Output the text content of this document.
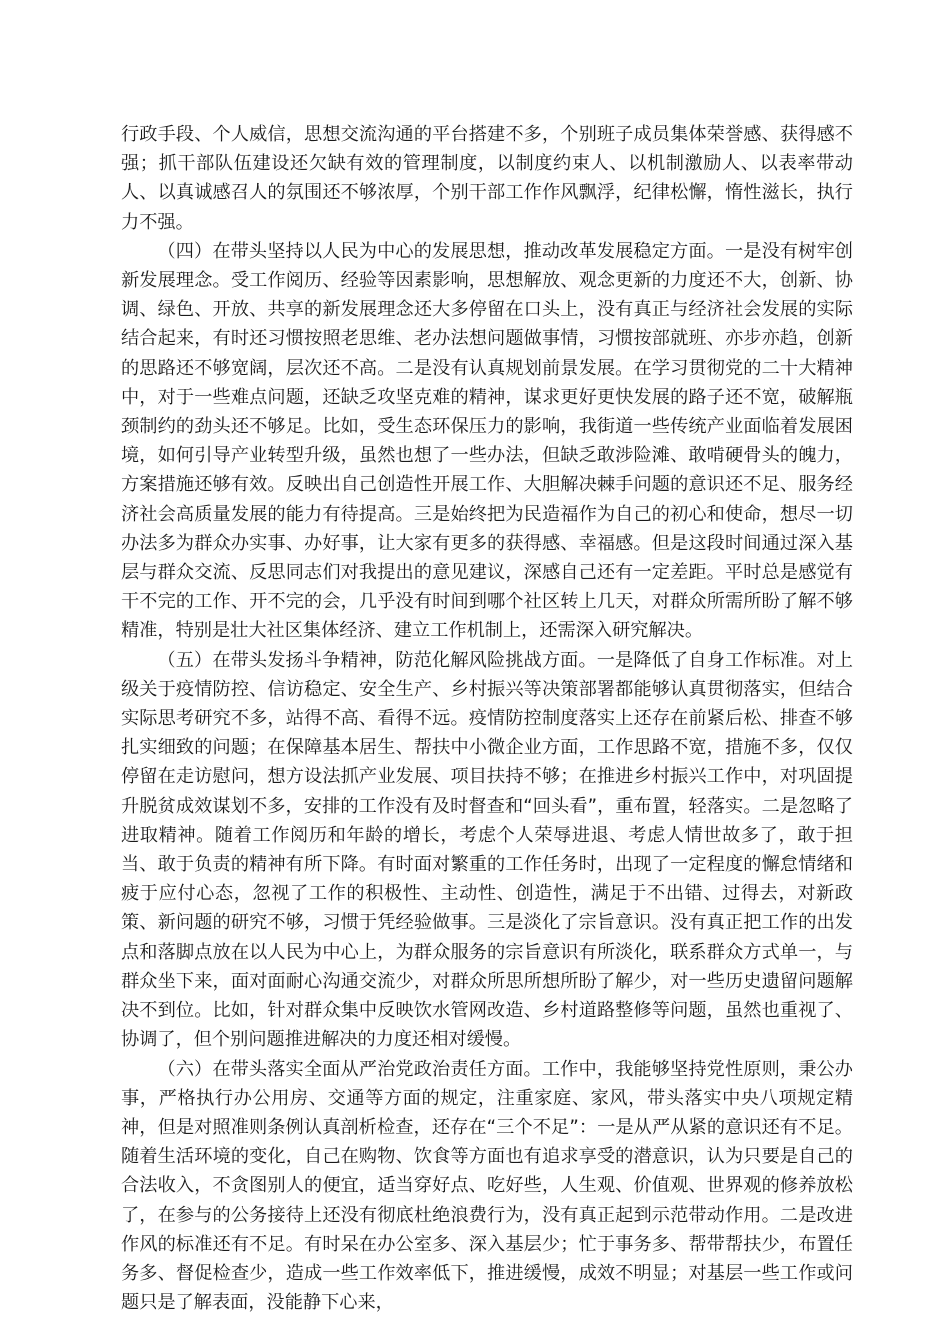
行政手段、个人威信，思想交流沟通的平台搭建不多，个别班子成员集体荣誉感、获得感不强；抓干部队伍建设还欠缺有效的管理制度，以制度约束人、以机制激励人、以表率带动人、以真诚感召人的氛围还不够浓厚，个别干部工作作风飘浮，纪律松懈，惰性滋长，执行力不强。

（四）在带头坚持以人民为中心的发展思想，推动改革发展稳定方面。一是没有树牢创新发展理念。受工作阅历、经验等因素影响，思想解放、观念更新的力度还不大，创新、协调、绿色、开放、共享的新发展理念还大多停留在口头上，没有真正与经济社会发展的实际结合起来，有时还习惯按照老思维、老办法想问题做事情，习惯按部就班、亦步亦趋，创新的思路还不够宽阔，层次还不高。二是没有认真规划前景发展。在学习贯彻党的二十大精神中，对于一些难点问题，还缺乏攻坚克难的精神，谋求更好更快发展的路子还不宽，破解瓶颈制约的劲头还不够足。比如，受生态环保压力的影响，我街道一些传统产业面临着发展困境，如何引导产业转型升级，虽然也想了一些办法，但缺乏敢涉险滩、敢啃硬骨头的魄力，方案措施还够有效。反映出自己创造性开展工作、大胆解决棘手问题的意识还不足、服务经济社会高质量发展的能力有待提高。三是始终把为民造福作为自己的初心和使命，想尽一切办法多为群众办实事、办好事，让大家有更多的获得感、幸福感。但是这段时间通过深入基层与群众交流、反思同志们对我提出的意见建议，深感自己还有一定差距。平时总是感觉有干不完的工作、开不完的会，几乎没有时间到哪个社区转上几天，对群众所需所盼了解不够精准，特别是壮大社区集体经济、建立工作机制上，还需深入研究解决。

（五）在带头发扬斗争精神，防范化解风险挑战方面。一是降低了自身工作标准。对上级关于疫情防控、信访稳定、安全生产、乡村振兴等决策部署都能够认真贯彻落实，但结合实际思考研究不多，站得不高、看得不远。疫情防控制度落实上还存在前紧后松、排查不够扎实细致的问题；在保障基本居生、帮扶中小微企业方面，工作思路不宽，措施不多，仅仅停留在走访慰问，想方设法抓产业发展、项目扶持不够；在推进乡村振兴工作中，对巩固提升脱贫成效谋划不多，安排的工作没有及时督查和“回头看”，重布置，轻落实。二是忽略了进取精神。随着工作阅历和年龄的增长，考虑个人荣辱进退、考虑人情世故多了，敢于担当、敢于负责的精神有所下降。有时面对繁重的工作任务时，出现了一定程度的懈怠情绪和疲于应付心态，忽视了工作的积极性、主动性、创造性，满足于不出错、过得去，对新政策、新问题的研究不够，习惯于凭经验做事。三是淡化了宗旨意识。没有真正把工作的出发点和落脚点放在以人民为中心上，为群众服务的宗旨意识有所淡化，联系群众方式单一，与群众坐下来，面对面耐心沟通交流少，对群众所思所想所盼了解少，对一些历史遗留问题解决不到位。比如，针对群众集中反映饮水管网改造、乡村道路整修等问题，虽然也重视了、协调了，但个别问题推进解决的力度还相对缓慢。

（六）在带头落实全面从严治党政治责任方面。工作中，我能够坚持党性原则，秉公办事，严格执行办公用房、交通等方面的规定，注重家庭、家风，带头落实中央八项规定精神，但是对照准则条例认真剖析检查，还存在“三个不足”：一是从严从紧的意识还有不足。随着生活环境的变化，自己在购物、饮食等方面也有追求享受的潜意识，认为只要是自己的合法收入，不贪图别人的便宜，适当穿好点、吃好些，人生观、价值观、世界观的修养放松了，在参与的公务接待上还没有彻底杜绝浪费行为，没有真正起到示范带动作用。二是改进作风的标准还有不足。有时呆在办公室多、深入基层少；忙于事务多、帮带帮扶少，布置任务多、督促检查少，造成一些工作效率低下，推进缓慢，成效不明显；对基层一些工作或问题只是了解表面，没能静下心来，
